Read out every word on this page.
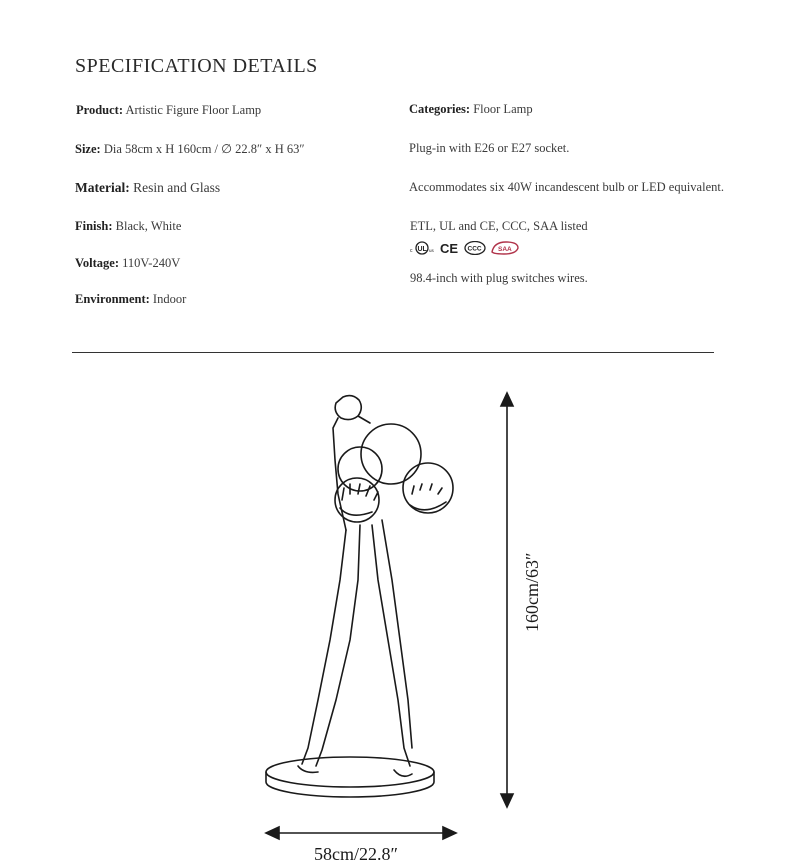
SPECIFICATION DETAILS
Product: Artistic Figure Floor Lamp
Size: Dia 58cm x H 160cm / ∅ 22.8″ x H 63″
Material: Resin and Glass
Finish: Black, White
Voltage: 110V-240V
Environment: Indoor
Categories: Floor Lamp
Plug-in with E26 or E27 socket.
Accommodates six 40W incandescent bulb or LED equivalent.
ETL, UL and CE, CCC, SAA listed
c UL us CE CCC	SAA
98.4-inch with plug switches wires.
160cm/63″
58cm/22.8″
